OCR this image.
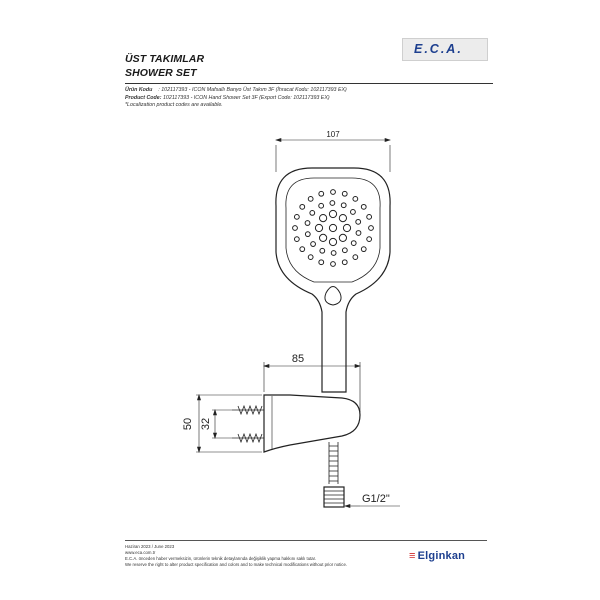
ÜST TAKIMLAR
SHOWER SET
E.C.A.
Ürün Kodu : 102117393 - ICON Mafsallı Banyo Üst Takım 3F (İhracat Kodu: 102117393 EX)
Product Code: 102117393 - ICON Hand Shower Set 3F (Export Code: 102117393 EX)
*Localization product codes are available.
107
85
50 32
G1/2"
Haziran 2023 / June 2023
www.eca.com.tr
E.C.A. önceden haber vermeksizin, ürünlerin teknik detaylarında değişiklik yapma hakkını saklı tutar.
We reserve the right to alter product specification and colors and to make technical modifications without prior notice.
≡ Elginkan
